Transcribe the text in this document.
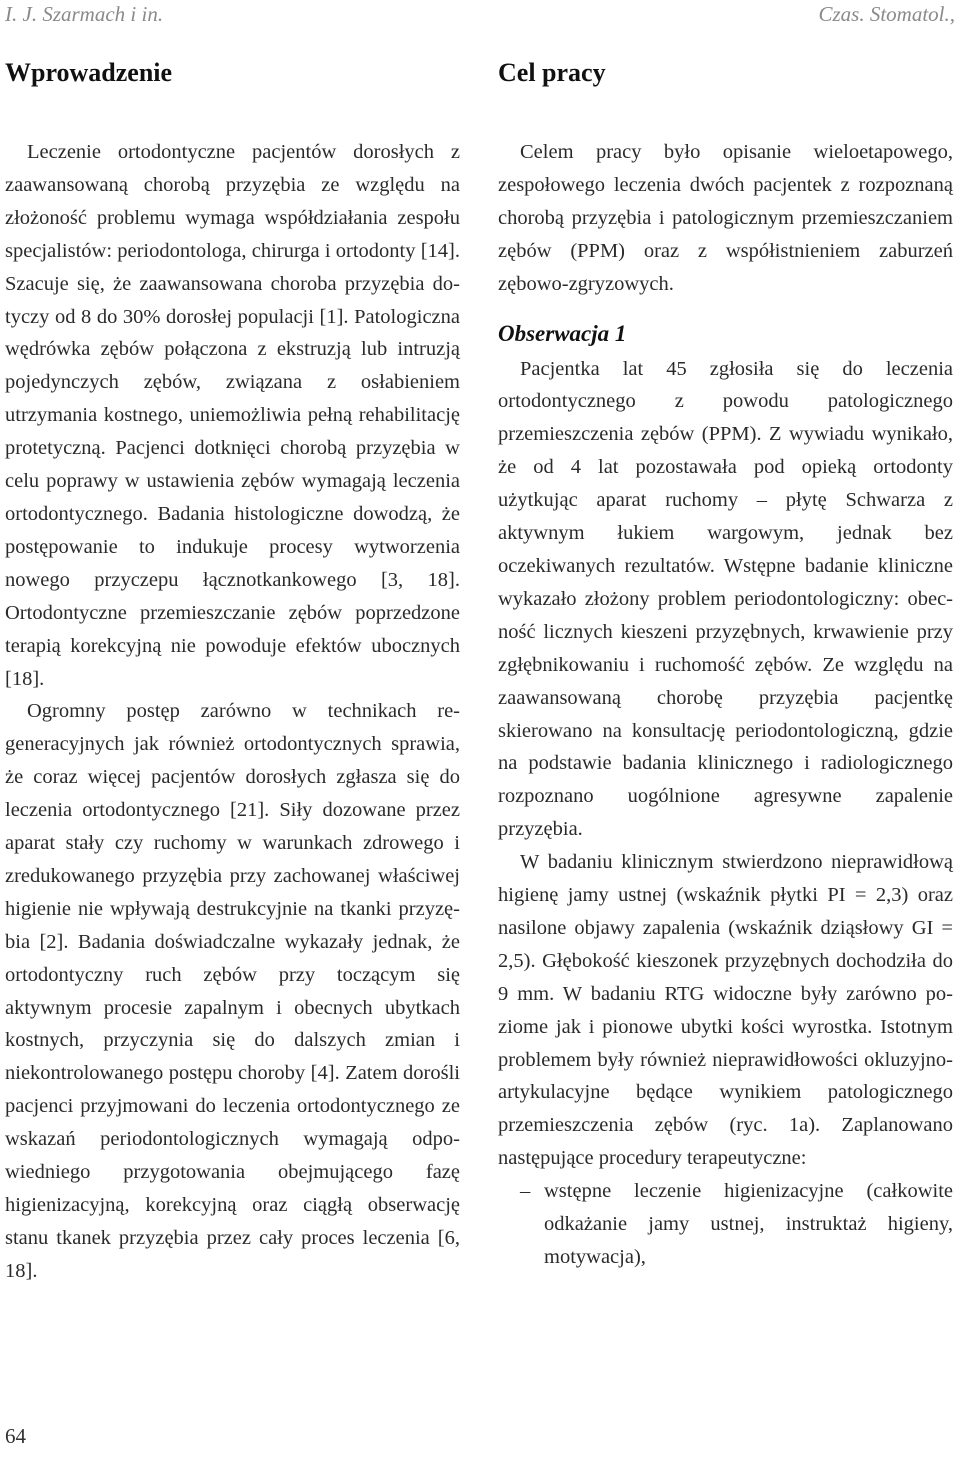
I. J. Szarmach i in.	Czas. Stomatol.,
Wprowadzenie

Leczenie ortodontyczne pacjentów dorosłych z zaawansowaną chorobą przyzębia ze względu na złożoność problemu wymaga współdziałania zespołu specjalistów: periodontologa, chirurga i ortodonty [14]. Szacuje się, że zaawansowana choroba przyzębia dotyczy od 8 do 30% dorosłej populacji [1]. Patologiczna wędrówka zębów połączona z ekstruzją lub intruzją pojedynczych zębów, związana z osłabieniem utrzymania kostnego, uniemożliwia pełną rehabilitację protetyczną. Pacjenci dotknięci chorobą przyzębia w celu poprawy w ustawienia zębów wymagają leczenia ortodontycznego. Badania histologiczne dowodzą, że postępowanie to indukuje procesy wytworzenia nowego przyczepu łącznotkankowego [3, 18]. Ortodontyczne przemieszczanie zębów poprzedzone terapią korekcyjną nie powoduje efektów ubocznych [18].

Ogromny postęp zarówno w technikach regeneracyjnych jak również ortodontycznych sprawia, że coraz więcej pacjentów dorosłych zgłasza się do leczenia ortodontycznego [21]. Siły dozowane przez aparat stały czy ruchomy w warunkach zdrowego i zredukowanego przyzębia przy zachowanej właściwej higienie nie wpływają destrukcyjnie na tkanki przyzębia [2]. Badania doświadczalne wykazały jednak, że ortodontyczny ruch zębów przy toczącym się aktywnym procesie zapalnym i obecnych ubytkach kostnych, przyczynia się do dalszych zmian i niekontrolowanego postępu choroby [4]. Zatem dorośli pacjenci przyjmowani do leczenia ortodontycznego ze wskazań periodontologicznych wymagają odpowiedniego przygotowania obejmującego fazę higienizacyjną, korekcyjną oraz ciągłą obserwację stanu tkanek przyzębia przez cały proces leczenia [6, 18].

Cel pracy

Celem pracy było opisanie wieloetapowego, zespołowego leczenia dwóch pacjentek z rozpoznaną chorobą przyzębia i patologicznym przemieszczaniem zębów (PPM) oraz z współistnieniem zaburzeń zębowo-zgryzowych.

Obserwacja 1

Pacjentka lat 45 zgłosiła się do leczenia ortodontycznego z powodu patologicznego przemieszczenia zębów (PPM). Z wywiadu wynikało, że od 4 lat pozostawała pod opieką ortodonty użytkując aparat ruchomy – płytę Schwarza z aktywnym łukiem wargowym, jednak bez oczekiwanych rezultatów. Wstępne badanie kliniczne wykazało złożony problem periodontologiczny: obecność licznych kieszeni przyzębnych, krwawienie przy zgłębnikowaniu i ruchomość zębów. Ze względu na zaawansowaną chorobę przyzębia pacjentkę skierowano na konsultację periodontologiczną, gdzie na podstawie badania klinicznego i radiologicznego rozpoznano uogólnione agresywne zapalenie przyzębia.

W badaniu klinicznym stwierdzono nieprawidłową higienę jamy ustnej (wskaźnik płytki PI = 2,3) oraz nasilone objawy zapalenia (wskaźnik dziąsłowy GI = 2,5). Głębokość kieszonek przyzębnych dochodziła do 9 mm. W badaniu RTG widoczne były zarówno poziome jak i pionowe ubytki kości wyrostka. Istotnym problemem były również nieprawidłowości okluzyjno-artykulacyjne będące wynikiem patologicznego przemieszczenia zębów (ryc. 1a). Zaplanowano następujące procedury terapeutyczne:

– wstępne leczenie higienizacyjne (całkowite odkażanie jamy ustnej, instruktaż higieny, motywacja),
64
